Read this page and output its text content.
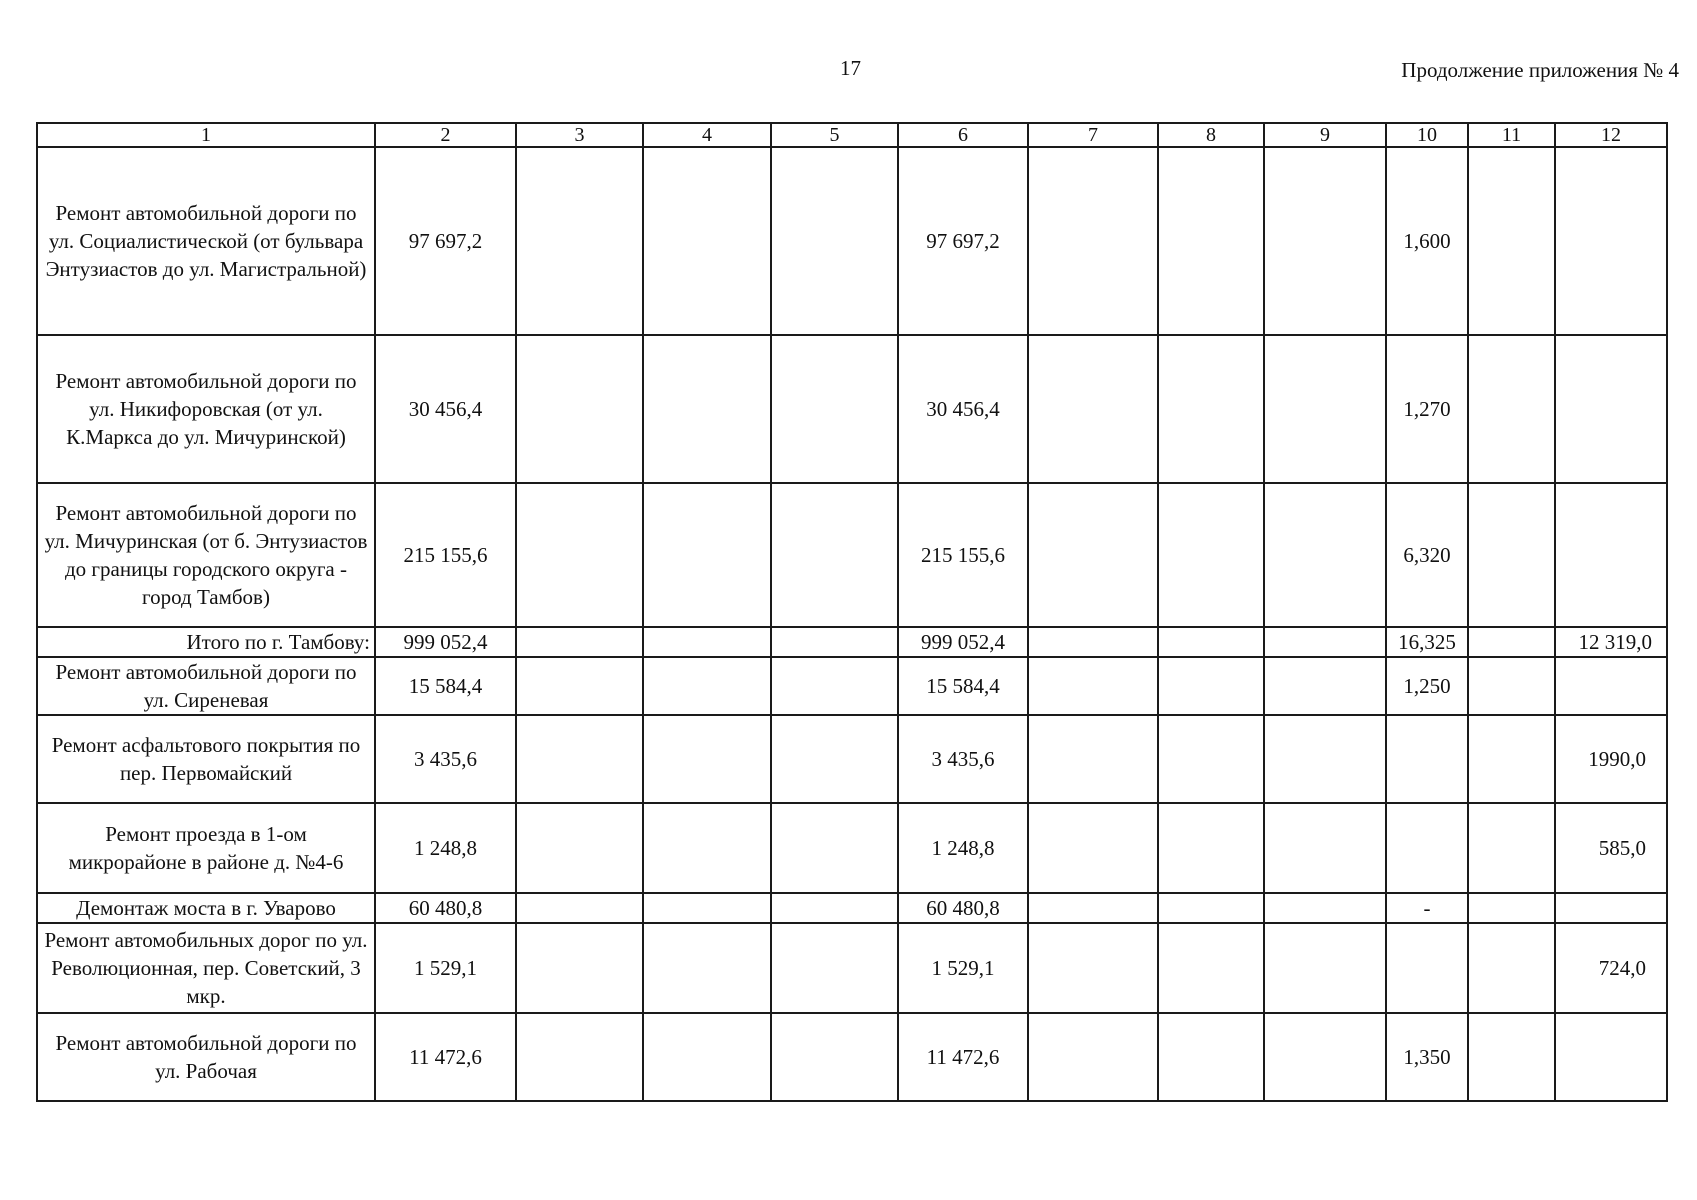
17	Продолжение приложения № 4
1	2	3	4	5	6	7	8	9	10	11	12
Ремонт автомобильной дороги по ул. Социалистической (от бульвара Энтузиастов до ул. Магистральной)	97 697,2				97 697,2				1,600		
Ремонт автомобильной дороги по ул. Никифоровская (от ул. К.Маркса до ул. Мичуринской)	30 456,4				30 456,4				1,270		
Ремонт автомобильной дороги по ул. Мичуринская (от б. Энтузиастов до границы городского округа - город Тамбов)	215 155,6				215 155,6				6,320		
Итого по г. Тамбову:	999 052,4				999 052,4				16,325		12 319,0
Ремонт автомобильной дороги по ул. Сиреневая	15 584,4				15 584,4				1,250		
Ремонт асфальтового покрытия по пер. Первомайский	3 435,6				3 435,6						1990,0
Ремонт проезда в 1-ом микрорайоне в районе д. №4-6	1 248,8				1 248,8						585,0
Демонтаж моста в г. Уварово	60 480,8				60 480,8				-		
Ремонт автомобильных дорог по ул. Революционная, пер. Советский, 3 мкр.	1 529,1				1 529,1						724,0
Ремонт автомобильной дороги по ул. Рабочая	11 472,6				11 472,6				1,350		
